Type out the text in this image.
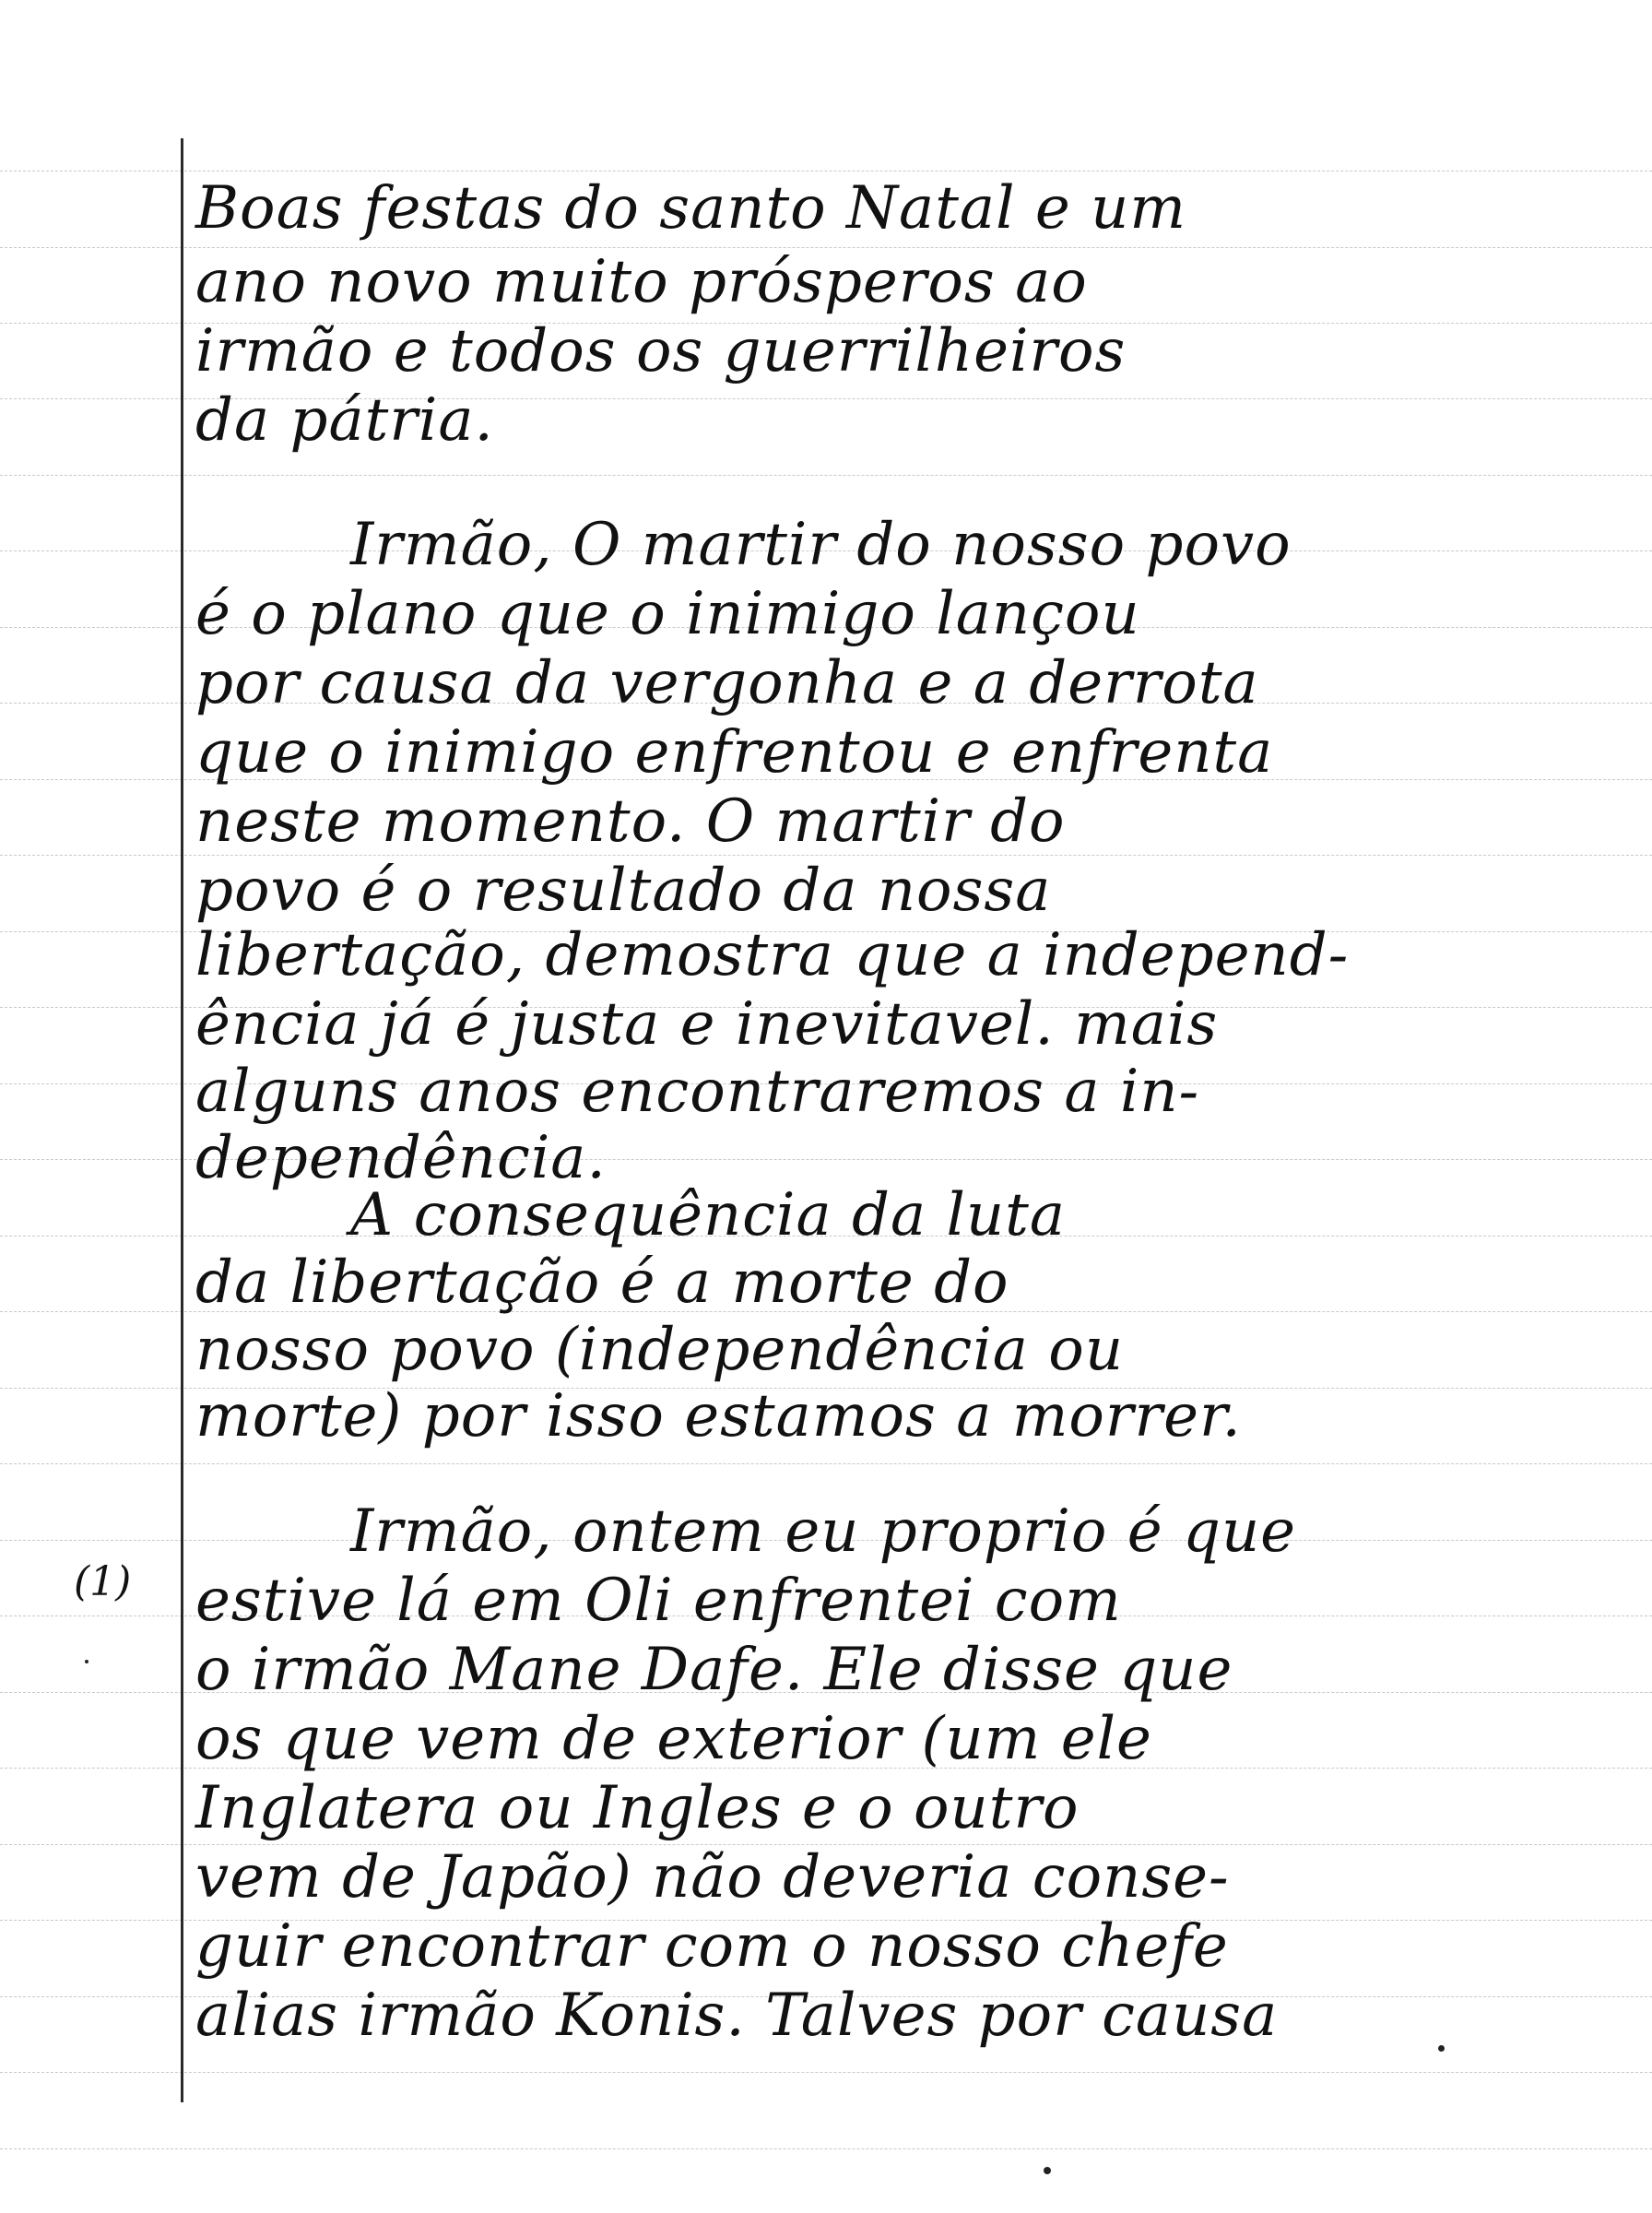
(1)
Boas festas do santo Natal e um
ano novo muito prósperos ao
irmão e todos os guerrilheiros
da pátria.
Irmão, O martir do nosso povo
é o plano que o inimigo lançou
por causa da vergonha e a derrota
que o inimigo enfrentou e enfrenta
neste momento. O martir do
povo é o resultado da nossa
libertação, demostra que a independ-
ência já é justa e inevitavel. mais
alguns anos encontraremos a in-
dependência.
A consequência da luta
da libertação é a morte do
nosso povo (independência ou
morte) por isso estamos a morrer.
Irmão, ontem eu proprio é que
estive lá em Oli enfrentei com
o irmão Mane Dafe. Ele disse que
os que vem de exterior (um ele
Inglatera ou Ingles e o outro
vem de Japão) não deveria conse-
guir encontrar com o nosso chefe
alias irmão Konis. Talves por causa
